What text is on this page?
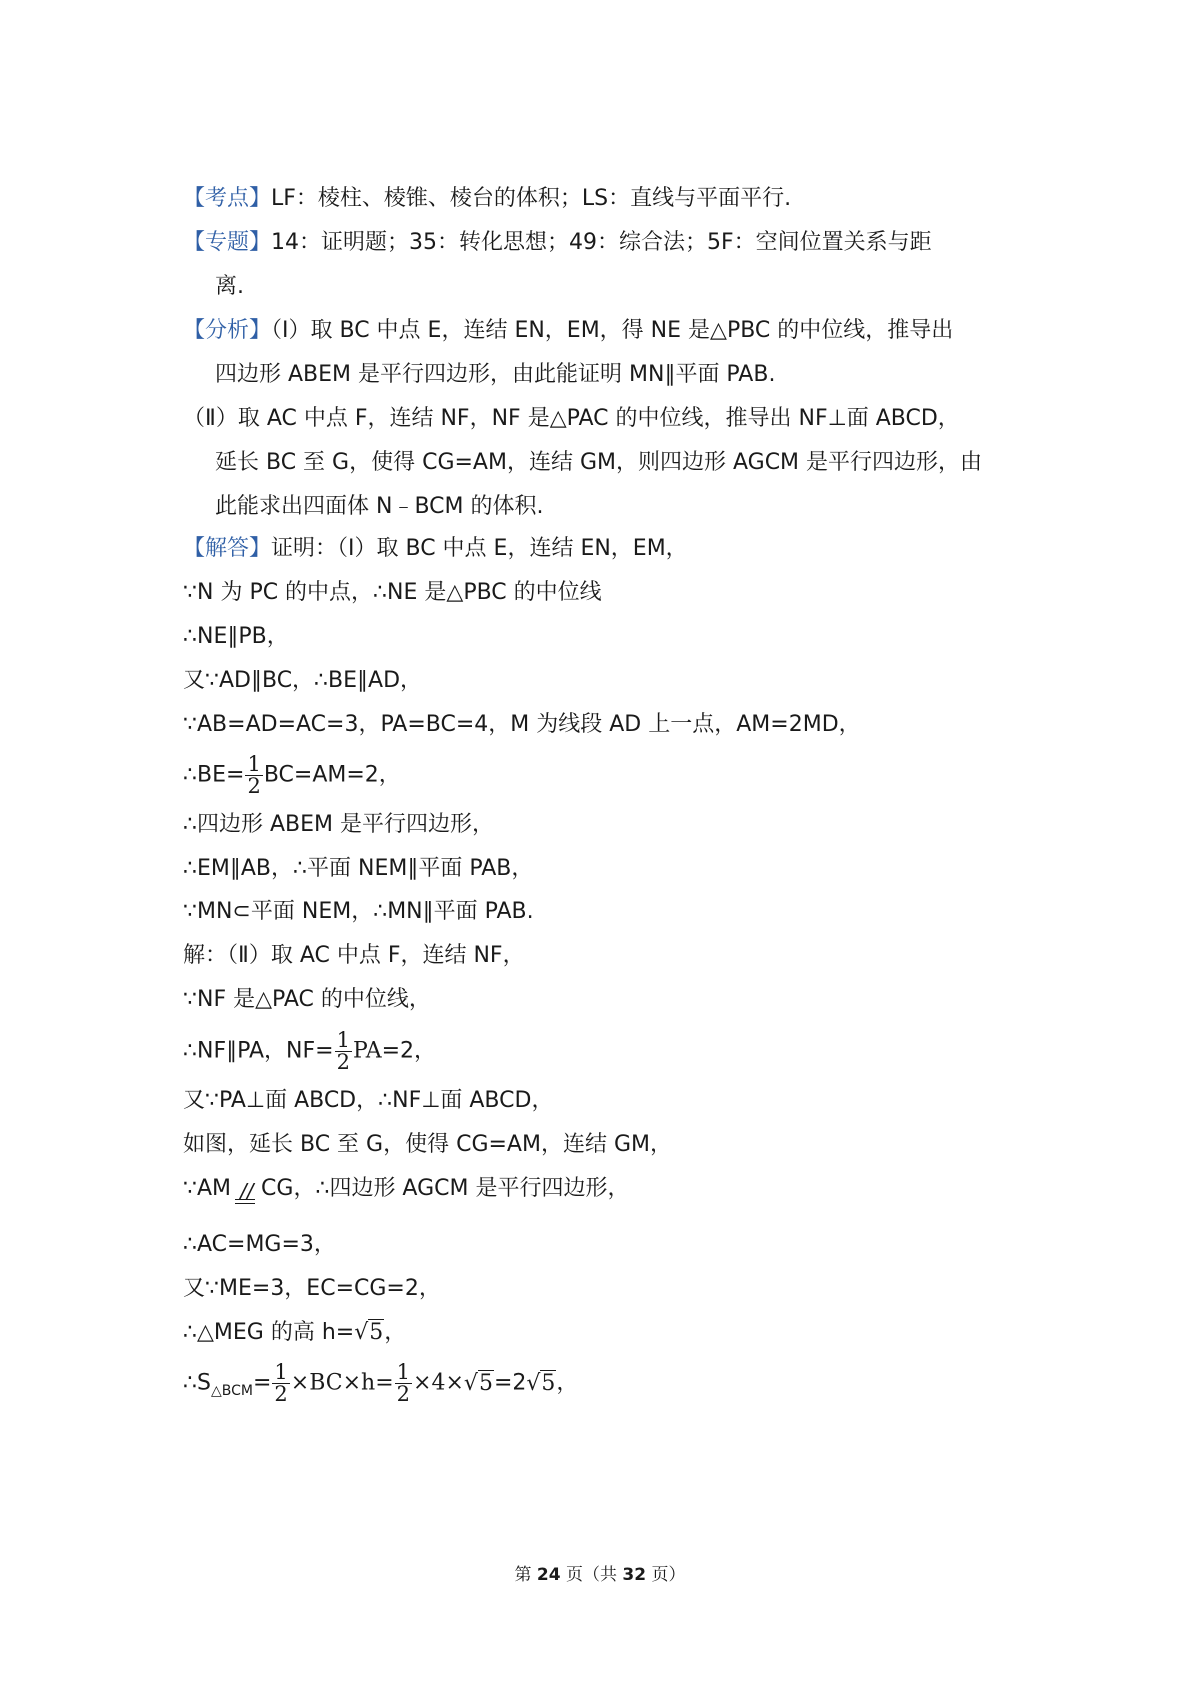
【考点】LF：棱柱、棱锥、棱台的体积；LS：直线与平面平行.
【专题】14：证明题；35：转化思想；49：综合法；5F：空间位置关系与距
离.
【分析】（Ⅰ）取 BC 中点 E，连结 EN，EM，得 NE 是△PBC 的中位线，推导出
四边形 ABEM 是平行四边形，由此能证明 MN∥平面 PAB.
（Ⅱ）取 AC 中点 F，连结 NF，NF 是△PAC 的中位线，推导出 NF⊥面 ABCD，
延长 BC 至 G，使得 CG=AM，连结 GM，则四边形 AGCM 是平行四边形，由
此能求出四面体 N﹣BCM 的体积.
【解答】证明：（Ⅰ）取 BC 中点 E，连结 EN，EM，
∵N 为 PC 的中点，∴NE 是△PBC 的中位线
∴NE∥PB，
又∵AD∥BC，∴BE∥AD，
∵AB=AD=AC=3，PA=BC=4，M 为线段 AD 上一点，AM=2MD，
∴BE= $\frac{1}{2} BC=AM=2$，
∴四边形 ABEM 是平行四边形，
∴EM∥AB，∴平面 NEM∥平面 PAB，
∵MN⊂平面 NEM，∴MN∥平面 PAB.
解：（Ⅱ）取 AC 中点 F，连结 NF，
∵NF 是△PAC 的中位线，
∴NF∥PA，$NF= \frac{1}{2} PA=2$，
又∵PA⊥面 ABCD，∴NF⊥面 ABCD，
如图，延长 BC 至 G，使得 CG=AM，连结 GM，
∵AM // CG，∴四边形 AGCM 是平行四边形，
∴AC=MG=3，
又∵ME=3，EC=CG=2，
∴△MEG 的高 h=√5，
$\therefore S_{\triangle BCM}= \frac{1}{2} \times BC\times h= \frac{1}{2} \times 4\times√5=2√5$，
第 24 页（共 32 页）
